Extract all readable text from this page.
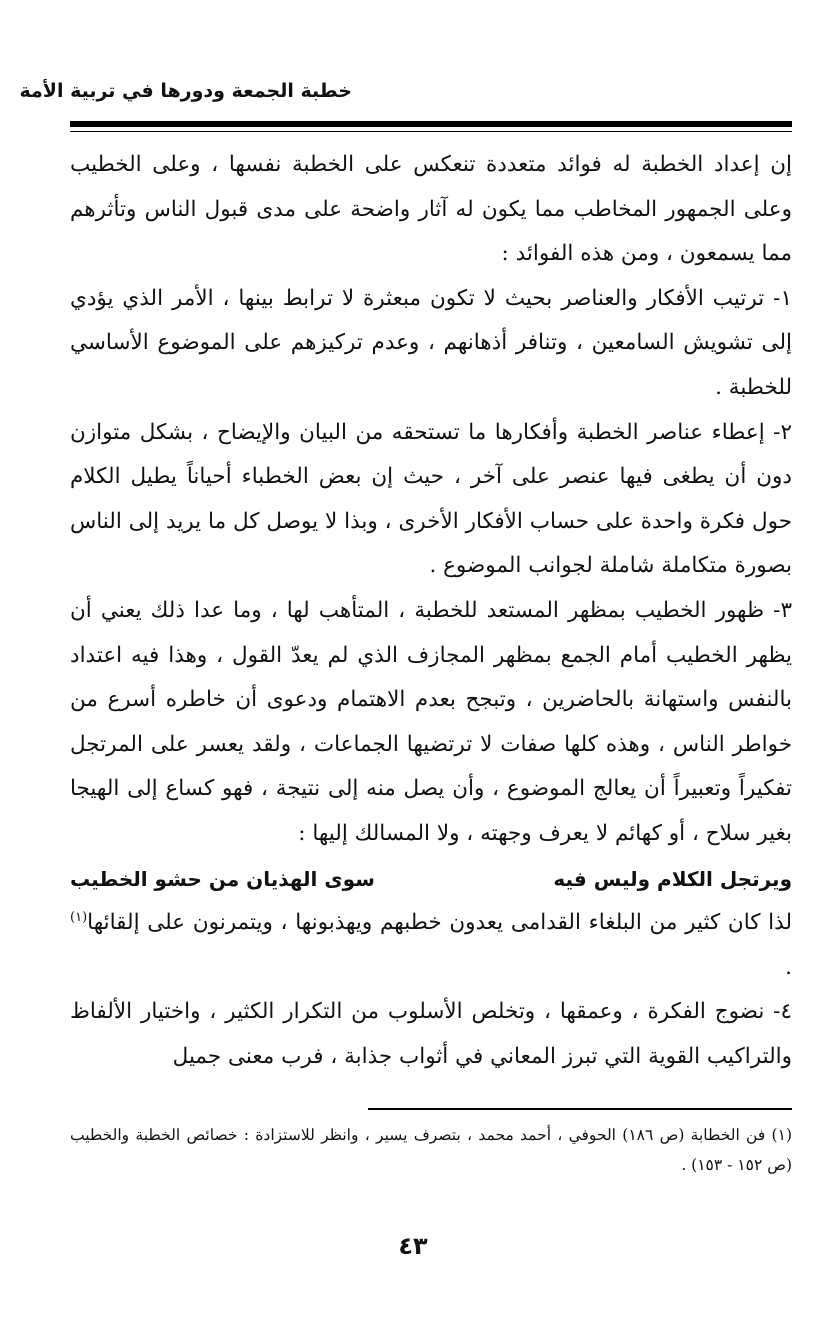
خطبة الجمعة ودورها في تربية الأمة

إن إعداد الخطبة له فوائد متعددة تنعكس على الخطبة نفسها ، وعلى الخطيب وعلى الجمهور المخاطب مما يكون له آثار واضحة على مدى قبول الناس وتأثرهم مما يسمعون ، ومن هذه الفوائد :

١- ترتيب الأفكار والعناصر بحيث لا تكون مبعثرة لا ترابط بينها ، الأمر الذي يؤدي إلى تشويش السامعين ، وتنافر أذهانهم ، وعدم تركيزهم على الموضوع الأساسي للخطبة .

٢- إعطاء عناصر الخطبة وأفكارها ما تستحقه من البيان والإيضاح ، بشكل متوازن دون أن يطغى فيها عنصر على آخر ، حيث إن بعض الخطباء أحياناً يطيل الكلام حول فكرة واحدة على حساب الأفكار الأخرى ، وبذا لا يوصل كل ما يريد إلى الناس بصورة متكاملة شاملة لجوانب الموضوع .

٣- ظهور الخطيب بمظهر المستعد للخطبة ، المتأهب لها ، وما عدا ذلك يعني أن يظهر الخطيب أمام الجمع بمظهر المجازف الذي لم يعدّ القول ، وهذا فيه اعتداد بالنفس واستهانة بالحاضرين ، وتبجح بعدم الاهتمام ودعوى أن خاطره أسرع من خواطر الناس ، وهذه كلها صفات لا ترتضيها الجماعات ، ولقد يعسر على المرتجل تفكيراً وتعبيراً أن يعالج الموضوع ، وأن يصل منه إلى نتيجة ، فهو كساع إلى الهيجا بغير سلاح ، أو كهائم لا يعرف وجهته ، ولا المسالك إليها :

ويرتجل الكلام وليس فيه
سوى الهذيان من حشو الخطيب

لذا كان كثير من البلغاء القدامى يعدون خطبهم ويهذبونها ، ويتمرنون على إلقائها$^{(١)}$ .

٤- نضوج الفكرة ، وعمقها ، وتخلص الأسلوب من التكرار الكثير ، واختيار الألفاظ والتراكيب القوية التي تبرز المعاني في أثواب جذابة ، فرب معنى جميل

(١) فن الخطابة (ص ١٨٦) الحوفي ، أحمد محمد ، بتصرف يسير ، وانظر للاستزادة : خصائص الخطبة والخطيب (ص ١٥٢ - ١٥٣) .

٤٣
